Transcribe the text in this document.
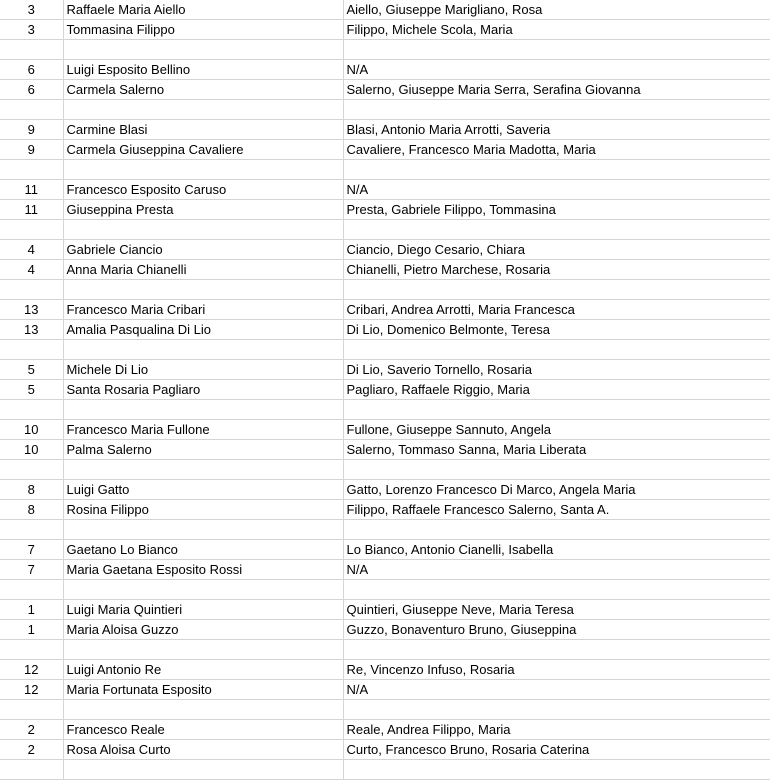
3	Raffaele Maria Aiello	Aiello, Giuseppe Marigliano, Rosa
3	Tommasina Filippo	Filippo, Michele Scola, Maria

6	Luigi Esposito Bellino	N/A
6	Carmela Salerno	Salerno, Giuseppe Maria Serra, Serafina Giovanna

9	Carmine Blasi	Blasi, Antonio Maria Arrotti, Saveria
9	Carmela Giuseppina Cavaliere	Cavaliere, Francesco Maria Madotta, Maria

11	Francesco Esposito Caruso	N/A
11	Giuseppina Presta	Presta, Gabriele Filippo, Tommasina

4	Gabriele Ciancio	Ciancio, Diego Cesario, Chiara
4	Anna Maria Chianelli	Chianelli, Pietro Marchese, Rosaria

13	Francesco Maria Cribari	Cribari, Andrea Arrotti, Maria Francesca
13	Amalia Pasqualina Di Lio	Di Lio, Domenico Belmonte, Teresa

5	Michele Di Lio	Di Lio, Saverio Tornello, Rosaria
5	Santa Rosaria Pagliaro	Pagliaro, Raffaele Riggio, Maria

10	Francesco Maria Fullone	Fullone, Giuseppe Sannuto, Angela
10	Palma Salerno	Salerno, Tommaso Sanna, Maria Liberata

8	Luigi Gatto	Gatto, Lorenzo Francesco Di Marco, Angela Maria
8	Rosina Filippo	Filippo, Raffaele Francesco Salerno, Santa A.

7	Gaetano Lo Bianco	Lo Bianco, Antonio Cianelli, Isabella
7	Maria Gaetana Esposito Rossi	N/A

1	Luigi Maria Quintieri	Quintieri, Giuseppe Neve, Maria Teresa
1	Maria Aloisa Guzzo	Guzzo, Bonaventuro Bruno, Giuseppina

12	Luigi Antonio Re	Re, Vincenzo Infuso, Rosaria
12	Maria Fortunata Esposito	N/A

2	Francesco Reale	Reale, Andrea Filippo, Maria
2	Rosa Aloisa Curto	Curto, Francesco Bruno, Rosaria Caterina
